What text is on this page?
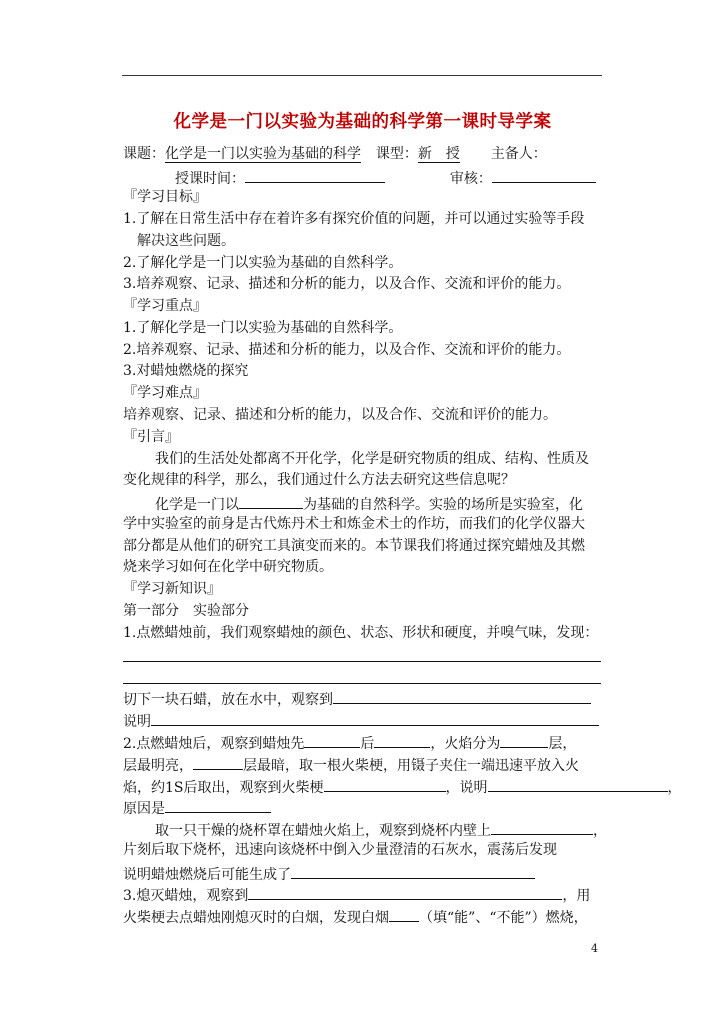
化学是一门以实验为基础的科学第一课时导学案
课题：化学是一门以实验为基础的科学 课型：新　授 主备人：
授课时间：	审核：
『学习目标』
1.了解在日常生活中存在着许多有探究价值的问题，并可以通过实验等手段
解决这些问题。
2.了解化学是一门以实验为基础的自然科学。
3.培养观察、记录、描述和分析的能力，以及合作、交流和评价的能力。
『学习重点』
1.了解化学是一门以实验为基础的自然科学。
2.培养观察、记录、描述和分析的能力，以及合作、交流和评价的能力。
3.对蜡烛燃烧的探究
『学习难点』
培养观察、记录、描述和分析的能力，以及合作、交流和评价的能力。
『引言』
我们的生活处处都离不开化学，化学是研究物质的组成、结构、性质及
变化规律的科学，那么，我们通过什么方法去研究这些信息呢？
化学是一门以	为基础的自然科学。实验的场所是实验室，化
学中实验室的前身是古代炼丹术士和炼金术士的作坊，而我们的化学仪器大
部分都是从他们的研究工具演变而来的。本节课我们将通过探究蜡烛及其燃
烧来学习如何在化学中研究物质。
『学习新知识』
第一部分　实验部分
1.点燃蜡烛前，我们观察蜡烛的颜色、状态、形状和硬度，并嗅气味，发现：
切下一块石蜡，放在水中，观察到
说明
2.点燃蜡烛后，观察到蜡烛先	后	，火焰分为	层，
层最明亮，	层最暗，取一根火柴梗，用镊子夹住一端迅速平放入火
焰，约1S后取出，观察到火柴梗	，说明	，
原因是
取一只干燥的烧杯罩在蜡烛火焰上，观察到烧杯内壁上	，
片刻后取下烧杯，迅速向该烧杯中倒入少量澄清的石灰水，震荡后发现
说明蜡烛燃烧后可能生成了
3.熄灭蜡烛，观察到	，用
火柴梗去点蜡烛刚熄灭时的白烟，发现白烟 （填“能”、“不能”）燃烧，
4
